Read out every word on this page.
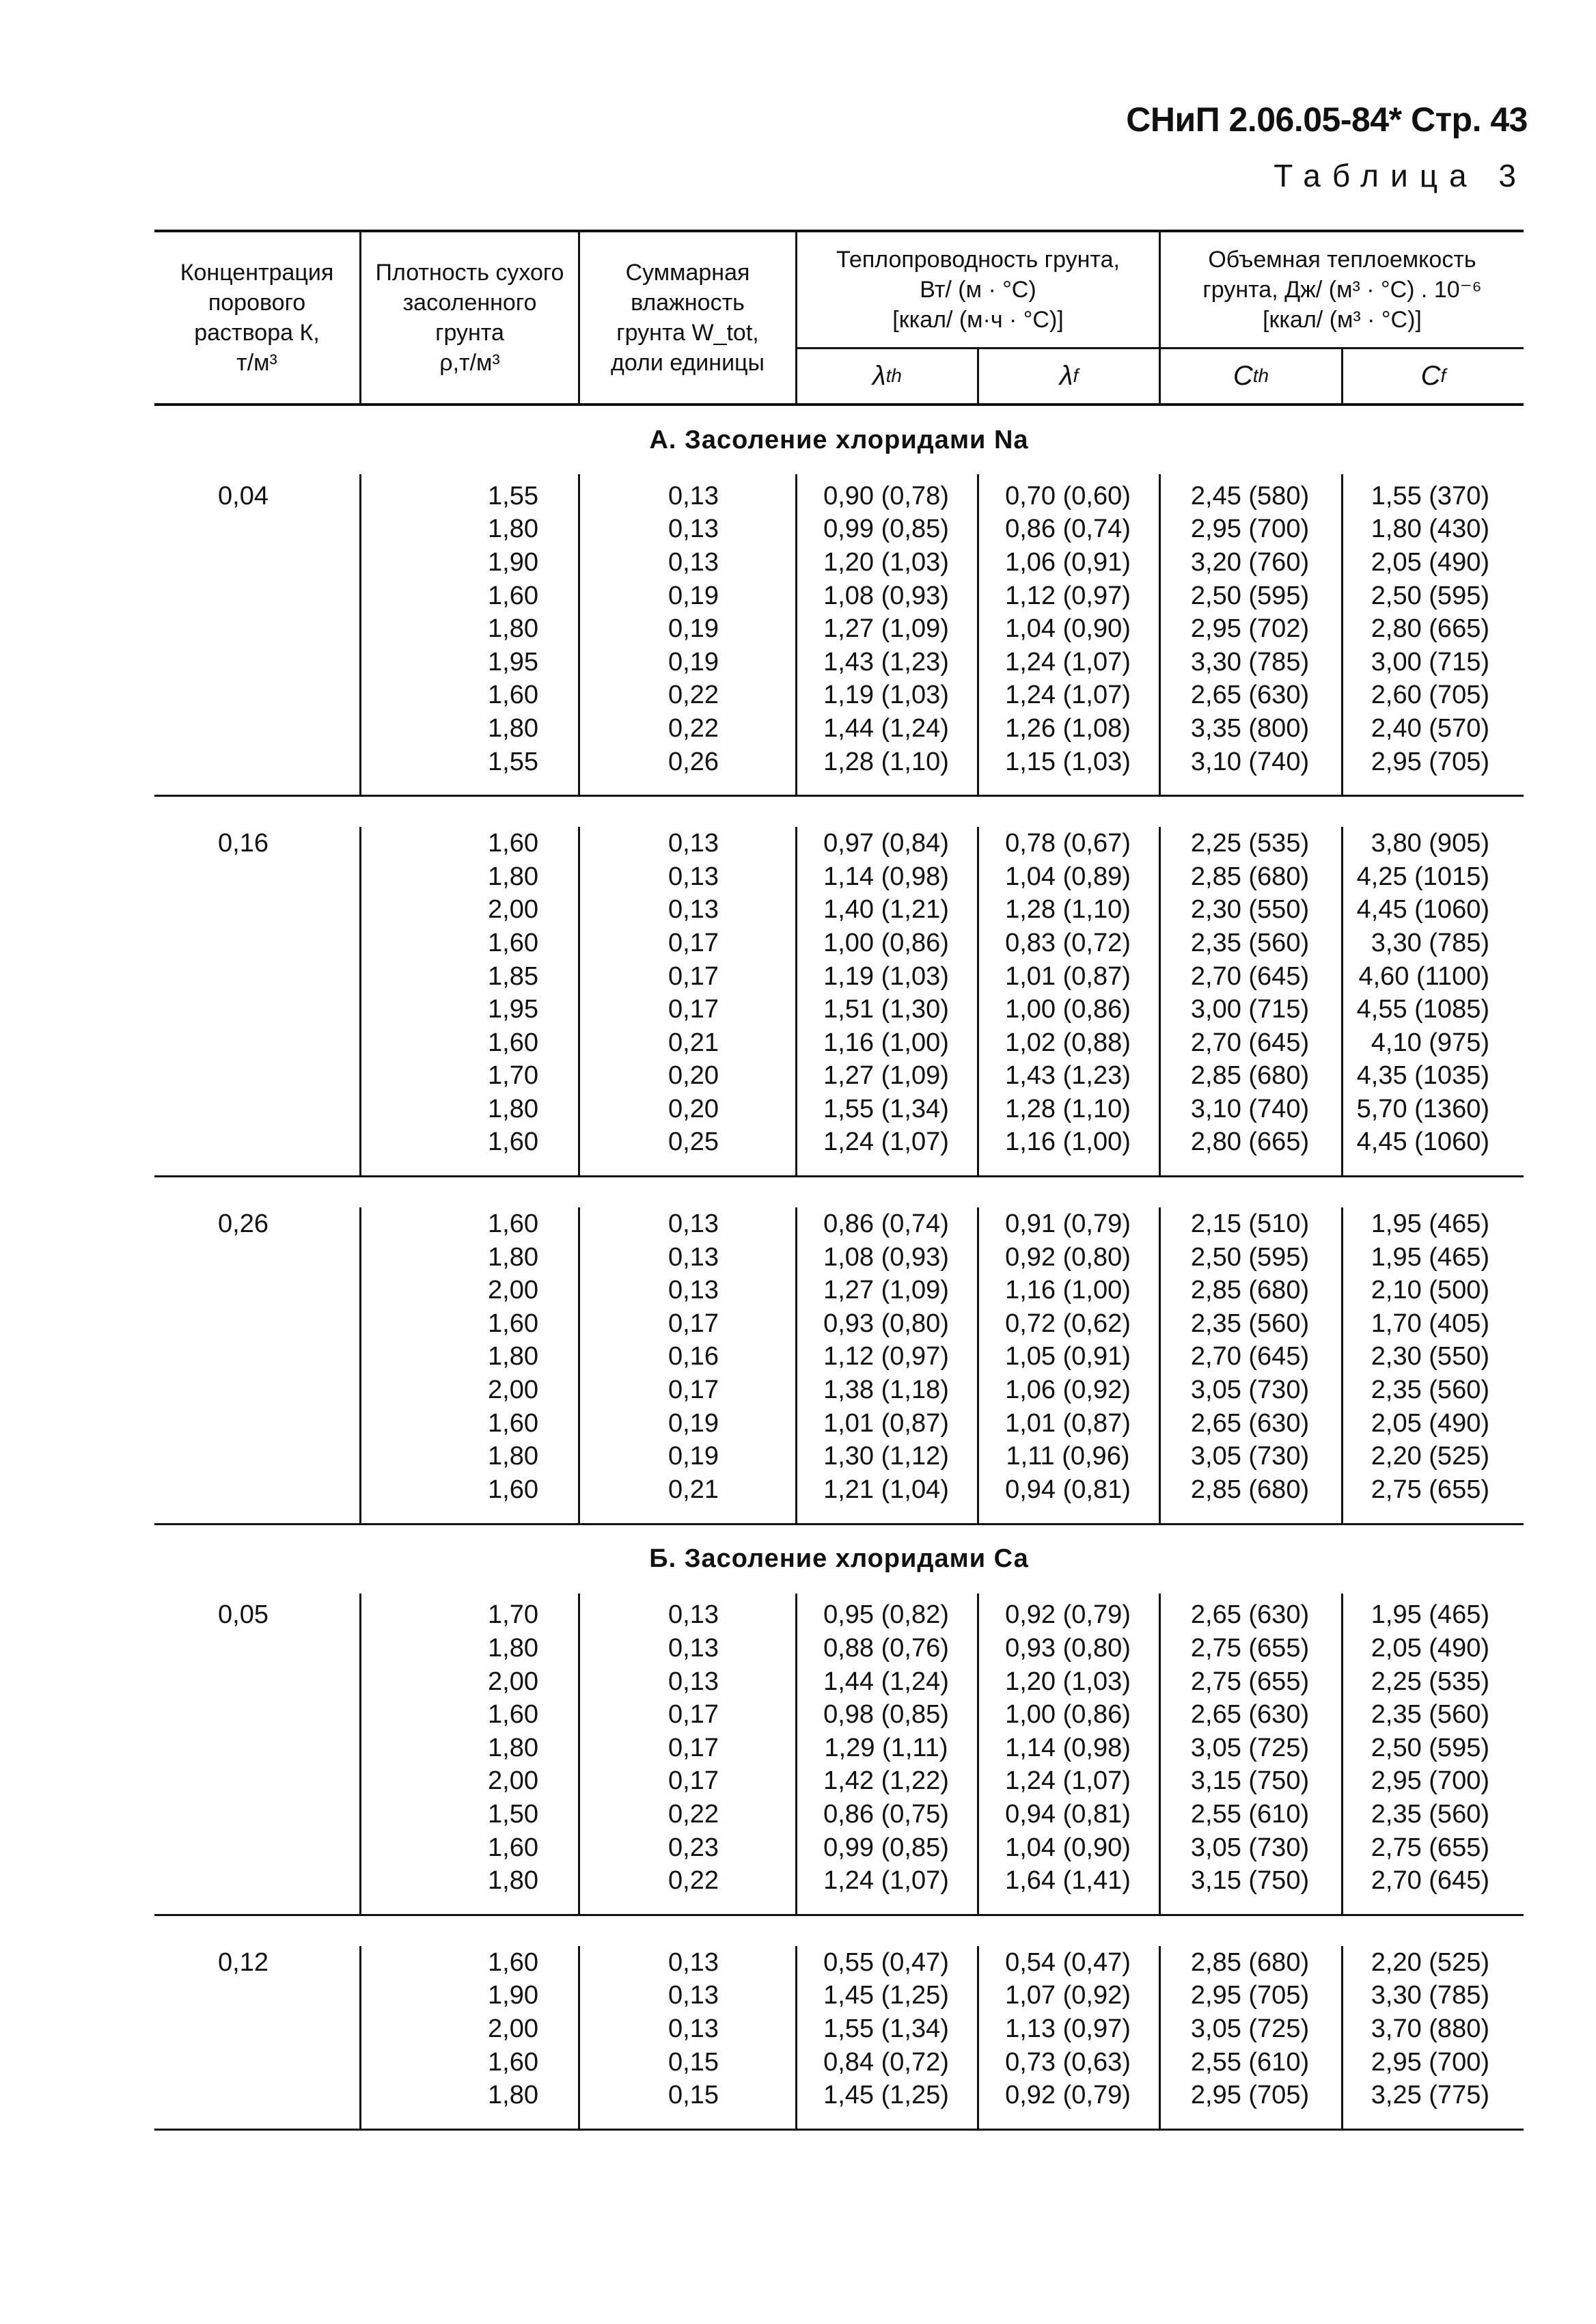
СНиП 2.06.05-84* Стр. 43
Таблица 3
Концентрация
порового
раствора К,
т/м³
Плотность сухого
засоленного
грунта
ρ,т/м³
Суммарная
влажность
грунта W_tot,
доли единицы
Теплопроводность грунта,
Вт/ (м · °С)
[ккал/ (м·ч · °С)]
Объемная теплоемкость
грунта, Дж/ (м³ · °С) . 10⁻⁶
[ккал/ (м³ · °С)]
λ th	λ f	C th	C f
А. Засоление хлоридами Na
0,04	1,55	0,13	0,90 (0,78)	0,70 (0,60)	2,45 (580)	1,55 (370)
1,80	0,13	0,99 (0,85)	0,86 (0,74)	2,95 (700)	1,80 (430)
1,90	0,13	1,20 (1,03)	1,06 (0,91)	3,20 (760)	2,05 (490)
1,60	0,19	1,08 (0,93)	1,12 (0,97)	2,50 (595)	2,50 (595)
1,80	0,19	1,27 (1,09)	1,04 (0,90)	2,95 (702)	2,80 (665)
1,95	0,19	1,43 (1,23)	1,24 (1,07)	3,30 (785)	3,00 (715)
1,60	0,22	1,19 (1,03)	1,24 (1,07)	2,65 (630)	2,60 (705)
1,80	0,22	1,44 (1,24)	1,26 (1,08)	3,35 (800)	2,40 (570)
1,55	0,26	1,28 (1,10)	1,15 (1,03)	3,10 (740)	2,95 (705)
0,16	1,60	0,13	0,97 (0,84)	0,78 (0,67)	2,25 (535)	3,80 (905)
1,80	0,13	1,14 (0,98)	1,04 (0,89)	2,85 (680)	4,25 (1015)
2,00	0,13	1,40 (1,21)	1,28 (1,10)	2,30 (550)	4,45 (1060)
1,60	0,17	1,00 (0,86)	0,83 (0,72)	2,35 (560)	3,30 (785)
1,85	0,17	1,19 (1,03)	1,01 (0,87)	2,70 (645)	4,60 (1100)
1,95	0,17	1,51 (1,30)	1,00 (0,86)	3,00 (715)	4,55 (1085)
1,60	0,21	1,16 (1,00)	1,02 (0,88)	2,70 (645)	4,10 (975)
1,70	0,20	1,27 (1,09)	1,43 (1,23)	2,85 (680)	4,35 (1035)
1,80	0,20	1,55 (1,34)	1,28 (1,10)	3,10 (740)	5,70 (1360)
1,60	0,25	1,24 (1,07)	1,16 (1,00)	2,80 (665)	4,45 (1060)
0,26	1,60	0,13	0,86 (0,74)	0,91 (0,79)	2,15 (510)	1,95 (465)
1,80	0,13	1,08 (0,93)	0,92 (0,80)	2,50 (595)	1,95 (465)
2,00	0,13	1,27 (1,09)	1,16 (1,00)	2,85 (680)	2,10 (500)
1,60	0,17	0,93 (0,80)	0,72 (0,62)	2,35 (560)	1,70 (405)
1,80	0,16	1,12 (0,97)	1,05 (0,91)	2,70 (645)	2,30 (550)
2,00	0,17	1,38 (1,18)	1,06 (0,92)	3,05 (730)	2,35 (560)
1,60	0,19	1,01 (0,87)	1,01 (0,87)	2,65 (630)	2,05 (490)
1,80	0,19	1,30 (1,12)	1,11 (0,96)	3,05 (730)	2,20 (525)
1,60	0,21	1,21 (1,04)	0,94 (0,81)	2,85 (680)	2,75 (655)
Б. Засоление хлоридами Са
0,05	1,70	0,13	0,95 (0,82)	0,92 (0,79)	2,65 (630)	1,95 (465)
1,80	0,13	0,88 (0,76)	0,93 (0,80)	2,75 (655)	2,05 (490)
2,00	0,13	1,44 (1,24)	1,20 (1,03)	2,75 (655)	2,25 (535)
1,60	0,17	0,98 (0,85)	1,00 (0,86)	2,65 (630)	2,35 (560)
1,80	0,17	1,29 (1,11)	1,14 (0,98)	3,05 (725)	2,50 (595)
2,00	0,17	1,42 (1,22)	1,24 (1,07)	3,15 (750)	2,95 (700)
1,50	0,22	0,86 (0,75)	0,94 (0,81)	2,55 (610)	2,35 (560)
1,60	0,23	0,99 (0,85)	1,04 (0,90)	3,05 (730)	2,75 (655)
1,80	0,22	1,24 (1,07)	1,64 (1,41)	3,15 (750)	2,70 (645)
0,12	1,60	0,13	0,55 (0,47)	0,54 (0,47)	2,85 (680)	2,20 (525)
1,90	0,13	1,45 (1,25)	1,07 (0,92)	2,95 (705)	3,30 (785)
2,00	0,13	1,55 (1,34)	1,13 (0,97)	3,05 (725)	3,70 (880)
1,60	0,15	0,84 (0,72)	0,73 (0,63)	2,55 (610)	2,95 (700)
1,80	0,15	1,45 (1,25)	0,92 (0,79)	2,95 (705)	3,25 (775)
